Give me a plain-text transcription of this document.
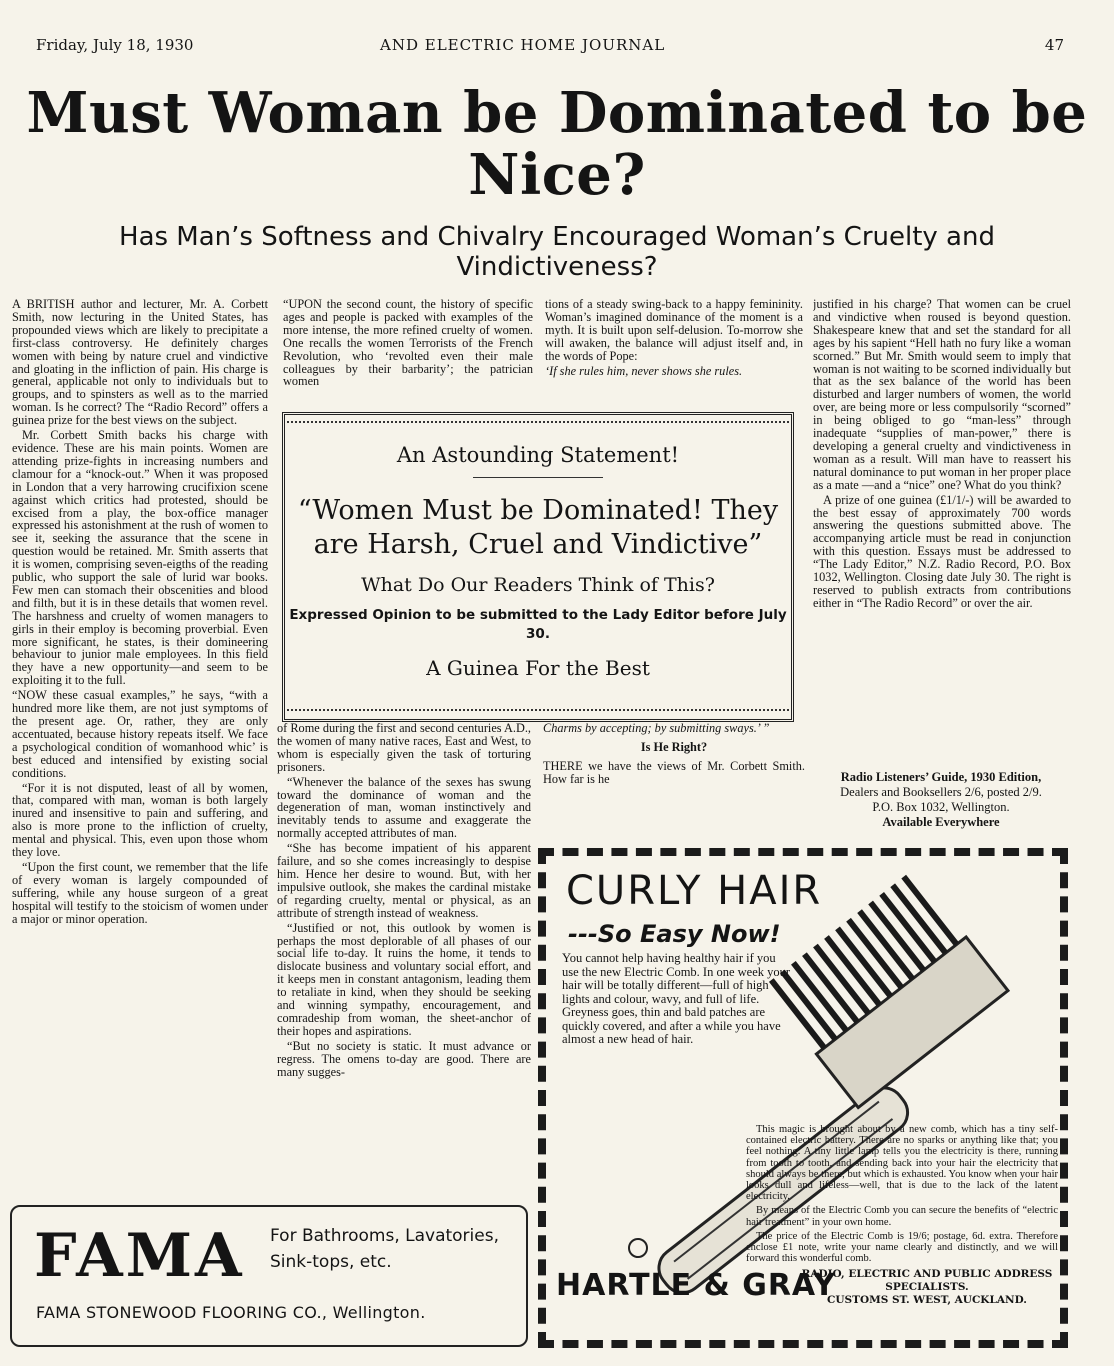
Friday, July 18, 1930	AND ELECTRIC HOME JOURNAL	47
Must Woman be Dominated to be Nice?
Has Man’s Softness and Chivalry Encouraged Woman’s Cruelty and Vindictiveness?

A BRITISH author and lecturer, Mr. A. Corbett Smith, now lecturing in the United States, has propounded views which are likely to precipitate a first-class controversy. He definitely charges women with being by nature cruel and vindictive and gloating in the infliction of pain. His charge is general, applicable not only to individuals but to groups, and to spinsters as well as to the married woman. Is he correct? The “Radio Record” offers a guinea prize for the best views on the subject.

Mr. Corbett Smith backs his charge with evidence. These are his main points. Women are attending prize-fights in increasing numbers and clamour for a “knock-out.” When it was proposed in London that a very harrowing crucifixion scene against which critics had protested, should be excised from a play, the box-office manager expressed his astonishment at the rush of women to see it, seeking the assurance that the scene in question would be retained. Mr. Smith asserts that it is women, comprising seven-eigths of the reading public, who support the sale of lurid war books. Few men can stomach their obscenities and blood and filth, but it is in these details that women revel. The harshness and cruelty of women managers to girls in their employ is becoming proverbial. Even more significant, he states, is their domineering behaviour to junior male employees. In this field they have a new opportunity—and seem to be exploiting it to the full.

“NOW these casual examples,” he says, “with a hundred more like them, are not just symptoms of the present age. Or, rather, they are only accentuated, because history repeats itself. We face a psychological condition of womanhood whic’ is best educed and intensified by existing social conditions.

“For it is not disputed, least of all by women, that, compared with man, woman is both largely inured and insensitive to pain and suffering, and also is more prone to the infliction of cruelty, mental and physical. This, even upon those whom they love.

“Upon the first count, we remember that the life of every woman is largely compounded of suffering, while any house surgeon of a great hospital will testify to the stoicism of women under a major or minor operation.

“UPON the second count, the history of specific ages and people is packed with examples of the more intense, the more refined cruelty of women. One recalls the women Terrorists of the French Revolution, who ‘revolted even their male colleagues by their barbarity’; the patrician women

tions of a steady swing-back to a happy femininity. Woman’s imagined dominance of the moment is a myth. It is built upon self-delusion. To-morrow she will awaken, the balance will adjust itself and, in the words of Pope:

‘If she rules him, never shows she rules.

justified in his charge? That women can be cruel and vindictive when roused is beyond question. Shakespeare knew that and set the standard for all ages by his sapient “Hell hath no fury like a woman scorned.” But Mr. Smith would seem to imply that woman is not waiting to be scorned individually but that as the sex balance of the world has been disturbed and larger numbers of women, the world over, are being more or less compulsorily “scorned” in being obliged to go “man-less” through inadequate “supplies of man-power,” there is developing a general cruelty and vindictiveness in woman as a result. Will man have to reassert his natural dominance to put woman in her proper place as a mate —and a “nice” one? What do you think?

A prize of one guinea (£1/1/-) will be awarded to the best essay of approximately 700 words answering the questions submitted above. The accompanying article must be read in conjunction with this question. Essays must be addressed to “The Lady Editor,” N.Z. Radio Record, P.O. Box 1032, Wellington. Closing date July 30. The right is reserved to publish extracts from contributions either in “The Radio Record” or over the air.

An Astounding Statement!
“Women Must be Dominated! They are Harsh, Cruel and Vindictive”
What Do Our Readers Think of This?
Expressed Opinion to be submitted to the Lady Editor before July 30.
A Guinea For the Best

of Rome during the first and second centuries A.D., the women of many native races, East and West, to whom is especially given the task of torturing prisoners.

“Whenever the balance of the sexes has swung toward the dominance of woman and the degeneration of man, woman instinctively and inevitably tends to assume and exaggerate the normally accepted attributes of man.

“She has become impatient of his apparent failure, and so she comes increasingly to despise him. Hence her desire to wound. But, with her impulsive outlook, she makes the cardinal mistake of regarding cruelty, mental or physical, as an attribute of strength instead of weakness.

“Justified or not, this outlook by women is perhaps the most deplorable of all phases of our social life to-day. It ruins the home, it tends to dislocate business and voluntary social effort, and it keeps men in constant antagonism, leading them to retaliate in kind, when they should be seeking and winning sympathy, encouragement, and comradeship from woman, the sheet-anchor of their hopes and aspirations.

“But no society is static. It must advance or regress. The omens to-day are good. There are many sugges-

Charms by accepting; by submitting sways.’ ”

Is He Right?

THERE we have the views of Mr. Corbett Smith. How far is he	Radio Listeners’ Guide, 1930 Edition,
Dealers and Booksellers 2/6, posted 2/9.
P.O. Box 1032, Wellington.
Available Everywhere
FAMA For Bathrooms, Lavatories, Sink-tops, etc.
FAMA STONEWOOD FLOORING CO., Wellington.
CURLY HAIR
---So Easy Now!
You cannot help having healthy hair if you use the new Electric Comb. In one week your hair will be totally different—full of high lights and colour, wavy, and full of life. Greyness goes, thin and bald patches are quickly covered, and after a while you have almost a new head of hair.

This magic is brought about by a new comb, which has a tiny self-contained electric battery. There are no sparks or anything like that; you feel nothing. A tiny little lamp tells you the electricity is there, running from tooth to tooth, and sending back into your hair the electricity that should always be there, but which is exhausted. You know when your hair looks dull and lifeless—well, that is due to the lack of the latent electricity.

By means of the Electric Comb you can secure the benefits of “electric hair treatment” in your own home.

The price of the Electric Comb is 19/6; postage, 6d. extra. Therefore enclose £1 note, write your name clearly and distinctly, and we will forward this wonderful comb.

HARTLE & GRAY
RADIO, ELECTRIC AND PUBLIC ADDRESS SPECIALISTS.
CUSTOMS ST. WEST, AUCKLAND.
